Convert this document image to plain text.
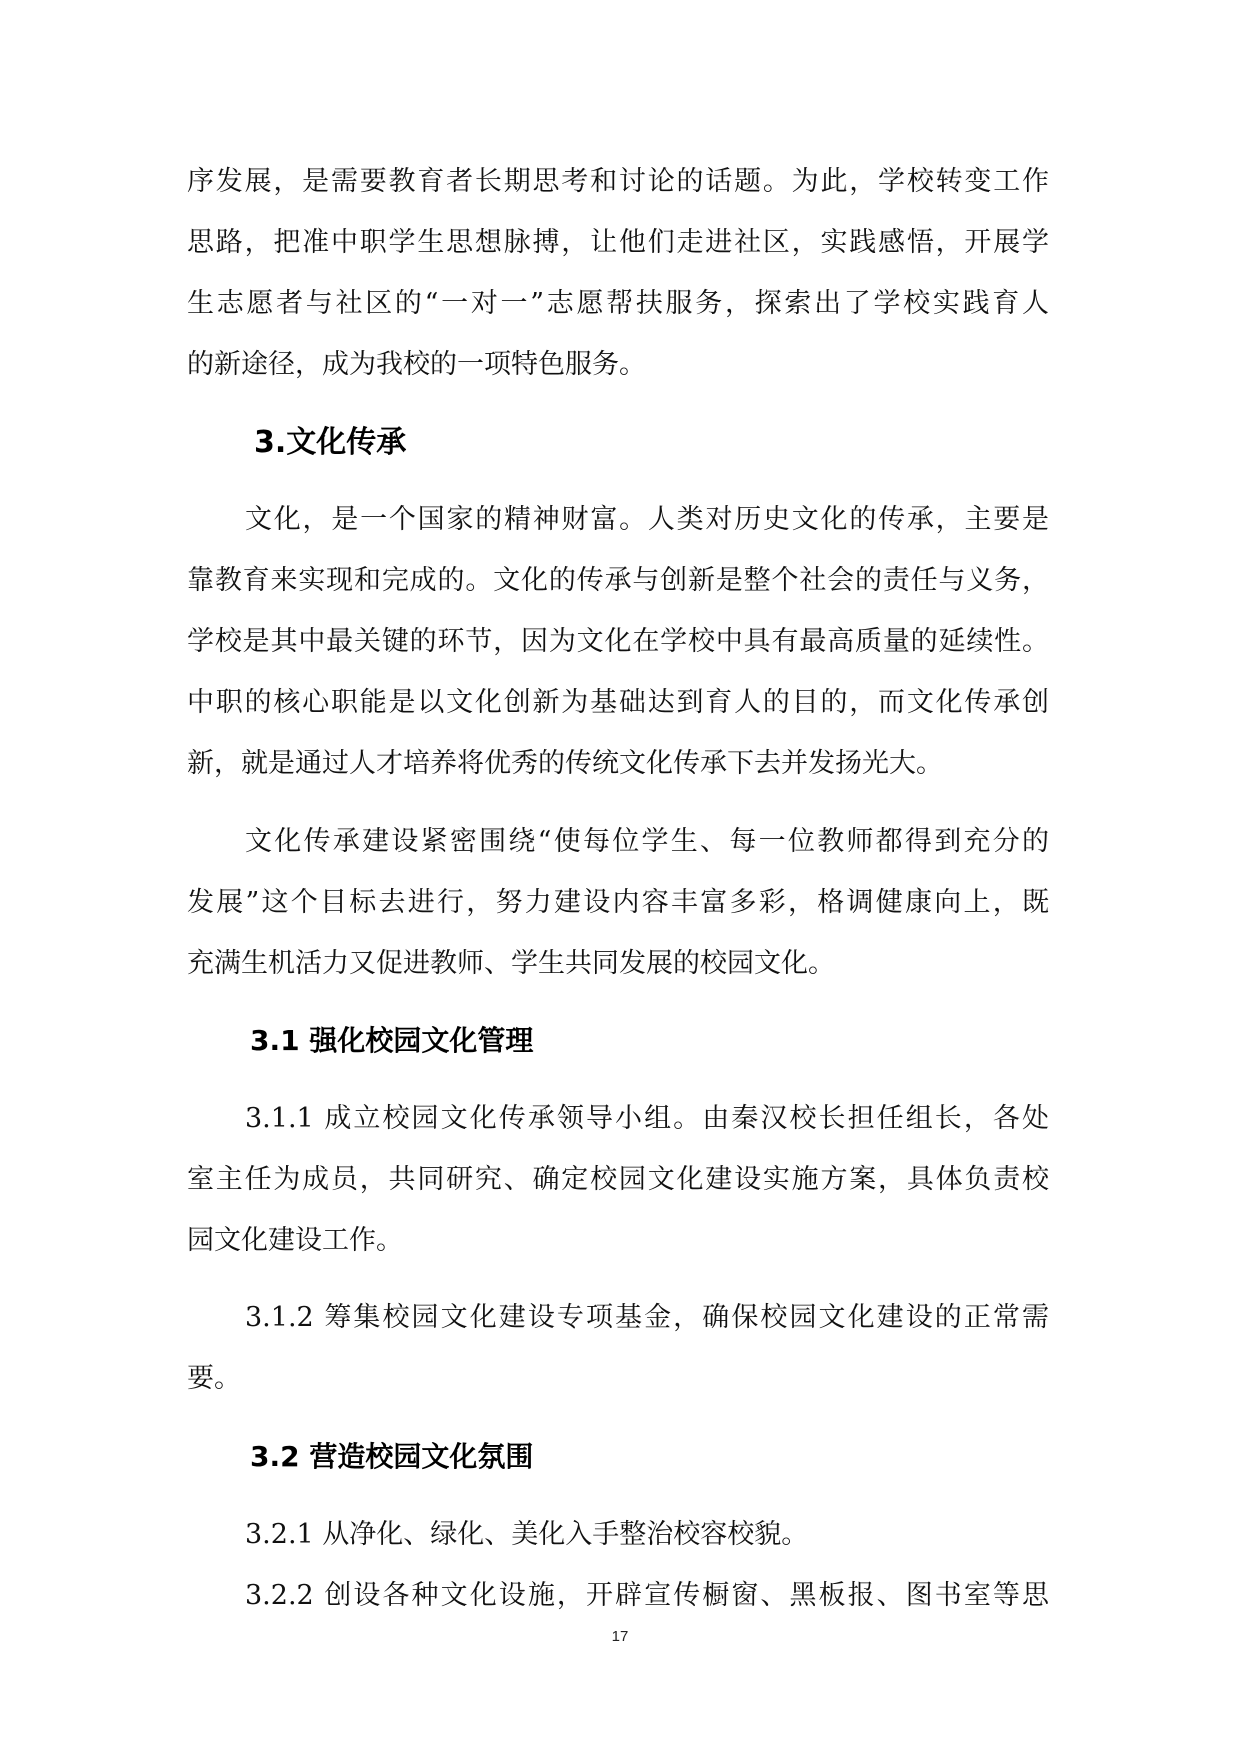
序发展，是需要教育者长期思考和讨论的话题。为此，学校转变工作
思路，把准中职学生思想脉搏，让他们走进社区，实践感悟，开展学
生志愿者与社区的“一对一”志愿帮扶服务，探索出了学校实践育人
的新途径，成为我校的一项特色服务。
3.文化传承
文化，是一个国家的精神财富。人类对历史文化的传承，主要是
靠教育来实现和完成的。文化的传承与创新是整个社会的责任与义务，
学校是其中最关键的环节，因为文化在学校中具有最高质量的延续性。
中职的核心职能是以文化创新为基础达到育人的目的，而文化传承创
新，就是通过人才培养将优秀的传统文化传承下去并发扬光大。
文化传承建设紧密围绕“使每位学生、每一位教师都得到充分的
发展”这个目标去进行，努力建设内容丰富多彩，格调健康向上，既
充满生机活力又促进教师、学生共同发展的校园文化。
3.1 强化校园文化管理
3.1.1 成立校园文化传承领导小组。由秦汉校长担任组长，各处
室主任为成员，共同研究、确定校园文化建设实施方案，具体负责校
园文化建设工作。
3.1.2 筹集校园文化建设专项基金，确保校园文化建设的正常需
要。
3.2 营造校园文化氛围
3.2.1 从净化、绿化、美化入手整治校容校貌。
3.2.2 创设各种文化设施，开辟宣传橱窗、黑板报、图书室等思
17
